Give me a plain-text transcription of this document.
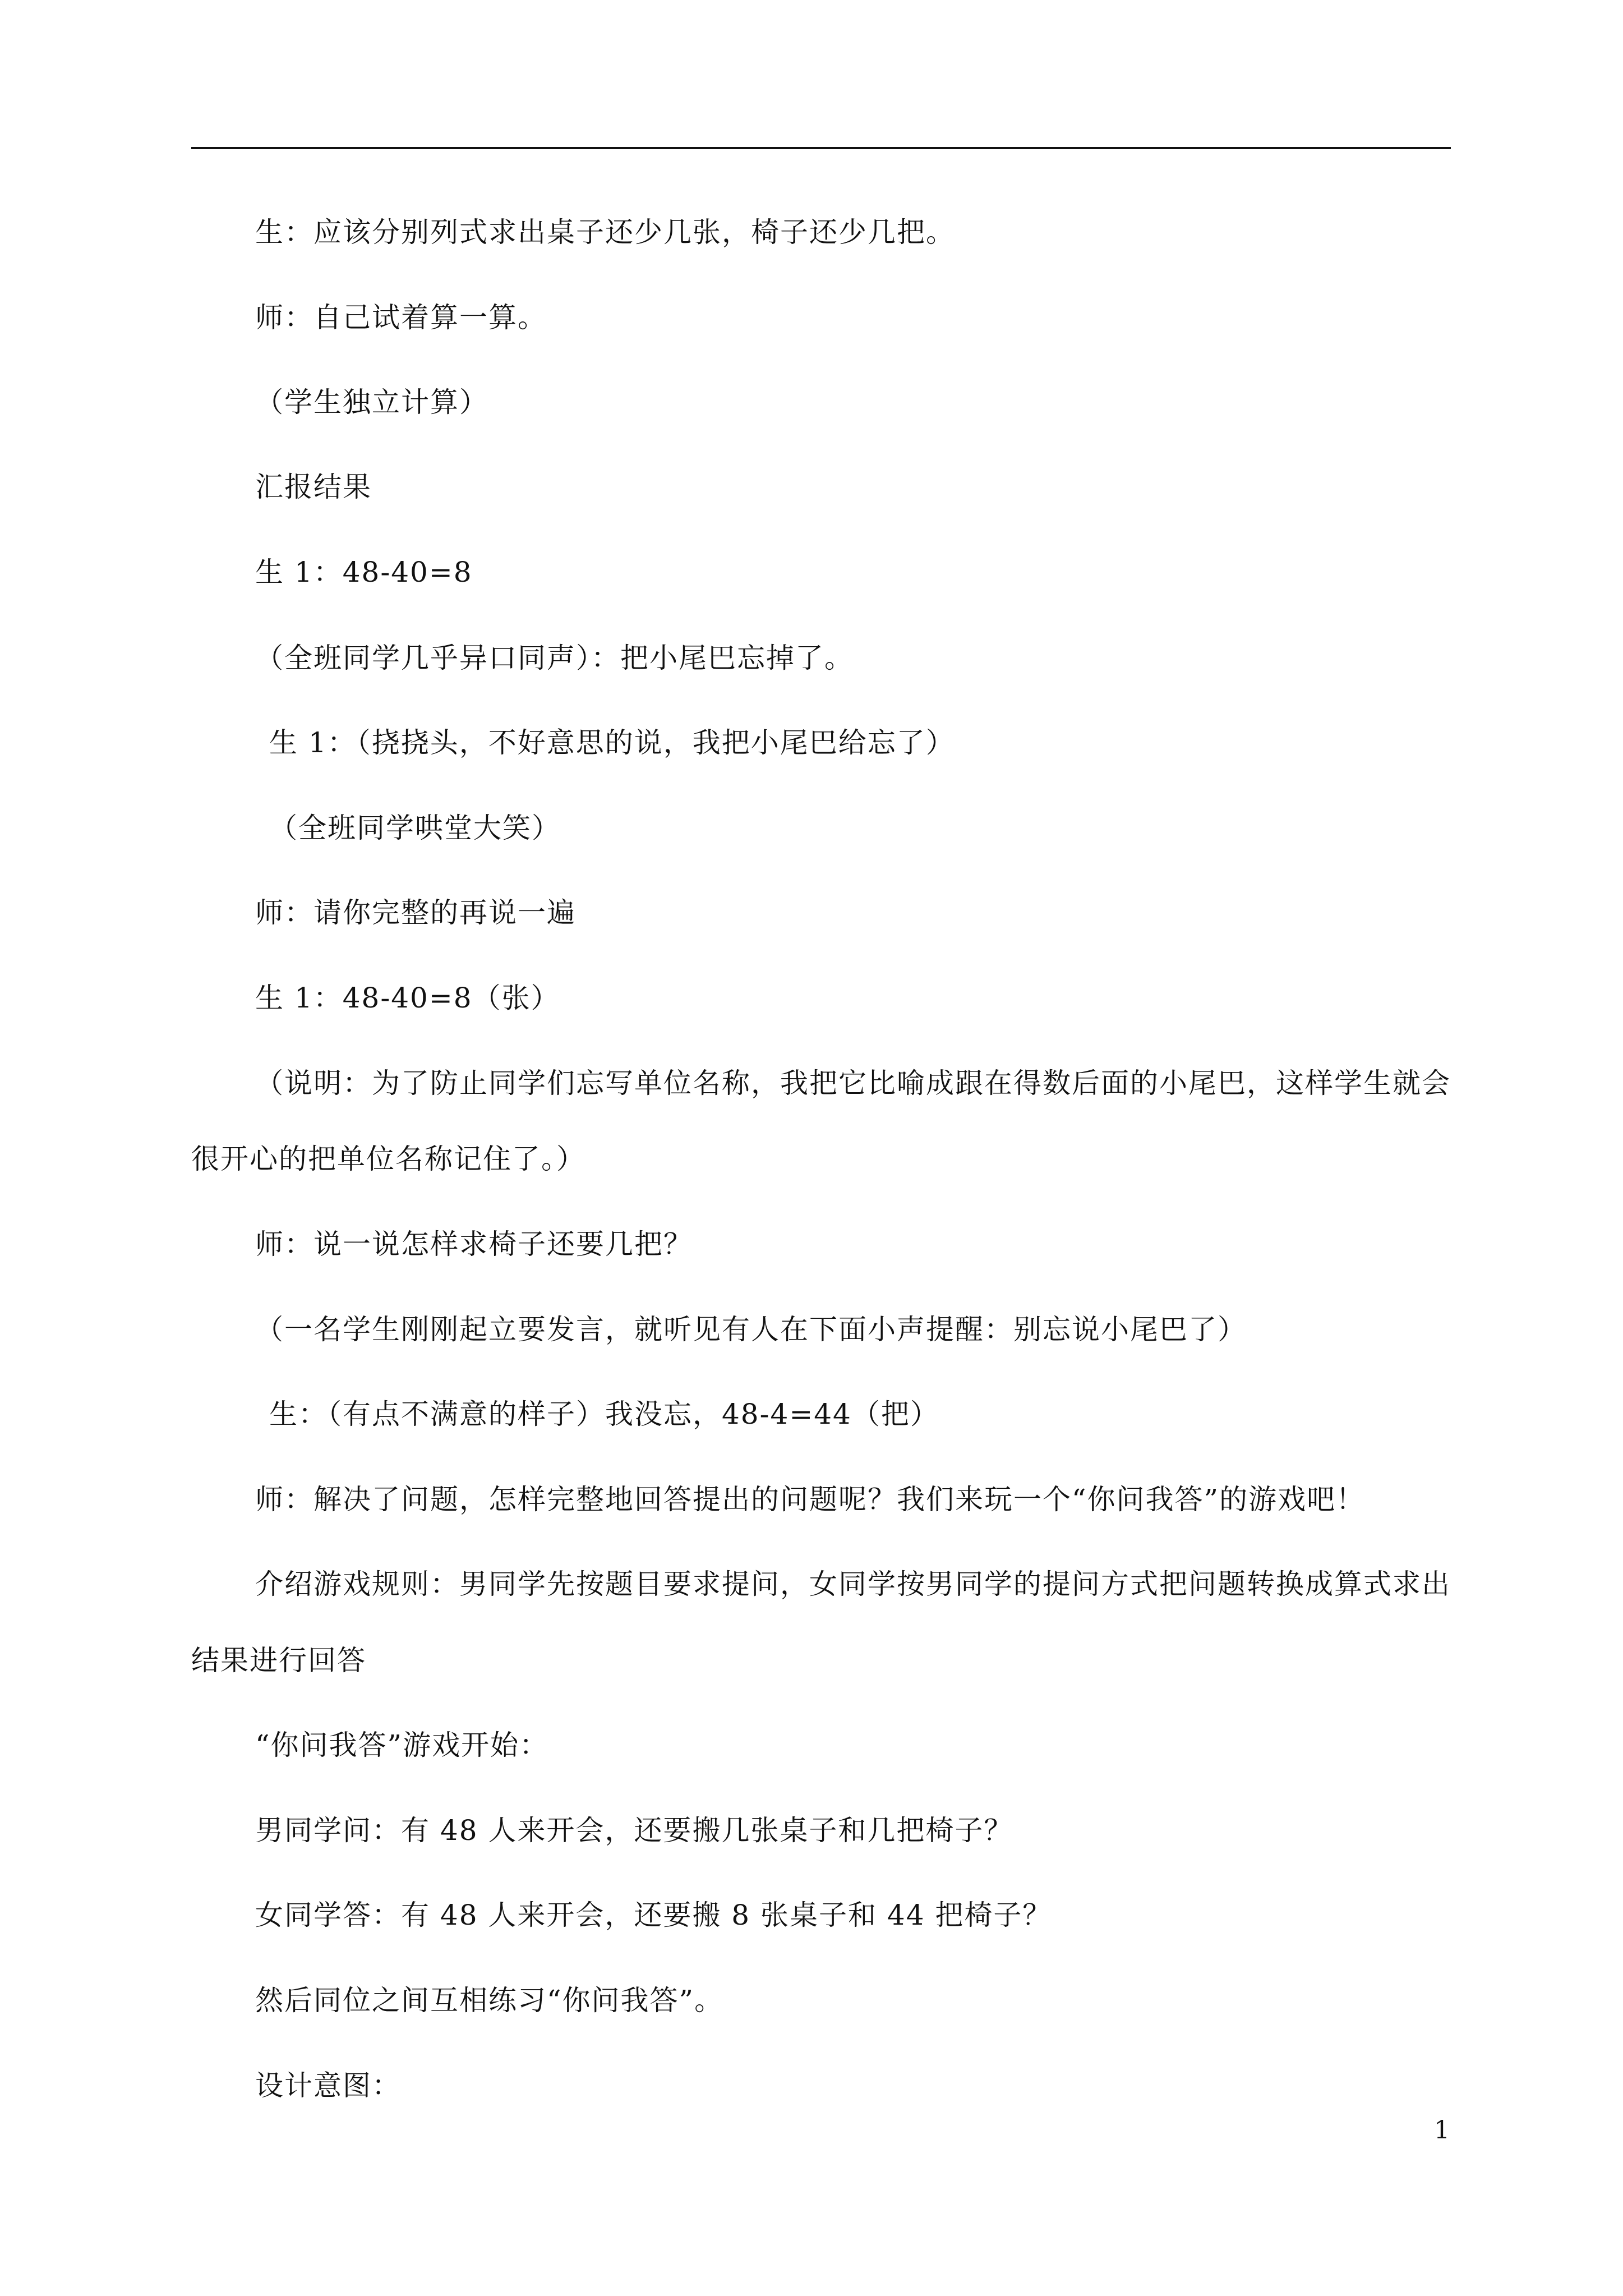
生：应该分别列式求出桌子还少几张，椅子还少几把。
师：自己试着算一算。
（学生独立计算）
汇报结果
生 1：48-40=8
（全班同学几乎异口同声）：把小尾巴忘掉了。
生 1：（挠挠头，不好意思的说，我把小尾巴给忘了）
（全班同学哄堂大笑）
师：请你完整的再说一遍
生 1：48-40=8（张）
（说明：为了防止同学们忘写单位名称，我把它比喻成跟在得数后面的小尾巴，这样学生就会
很开心的把单位名称记住了。）
师：说一说怎样求椅子还要几把？
（一名学生刚刚起立要发言，就听见有人在下面小声提醒：别忘说小尾巴了）
生：（有点不满意的样子）我没忘，48-4=44（把）
师：解决了问题，怎样完整地回答提出的问题呢？我们来玩一个“你问我答”的游戏吧！
介绍游戏规则：男同学先按题目要求提问，女同学按男同学的提问方式把问题转换成算式求出
结果进行回答
“你问我答”游戏开始：
男同学问：有 48 人来开会，还要搬几张桌子和几把椅子？
女同学答：有 48 人来开会，还要搬 8 张桌子和 44 把椅子？
然后同位之间互相练习“你问我答”。
设计意图：
1
